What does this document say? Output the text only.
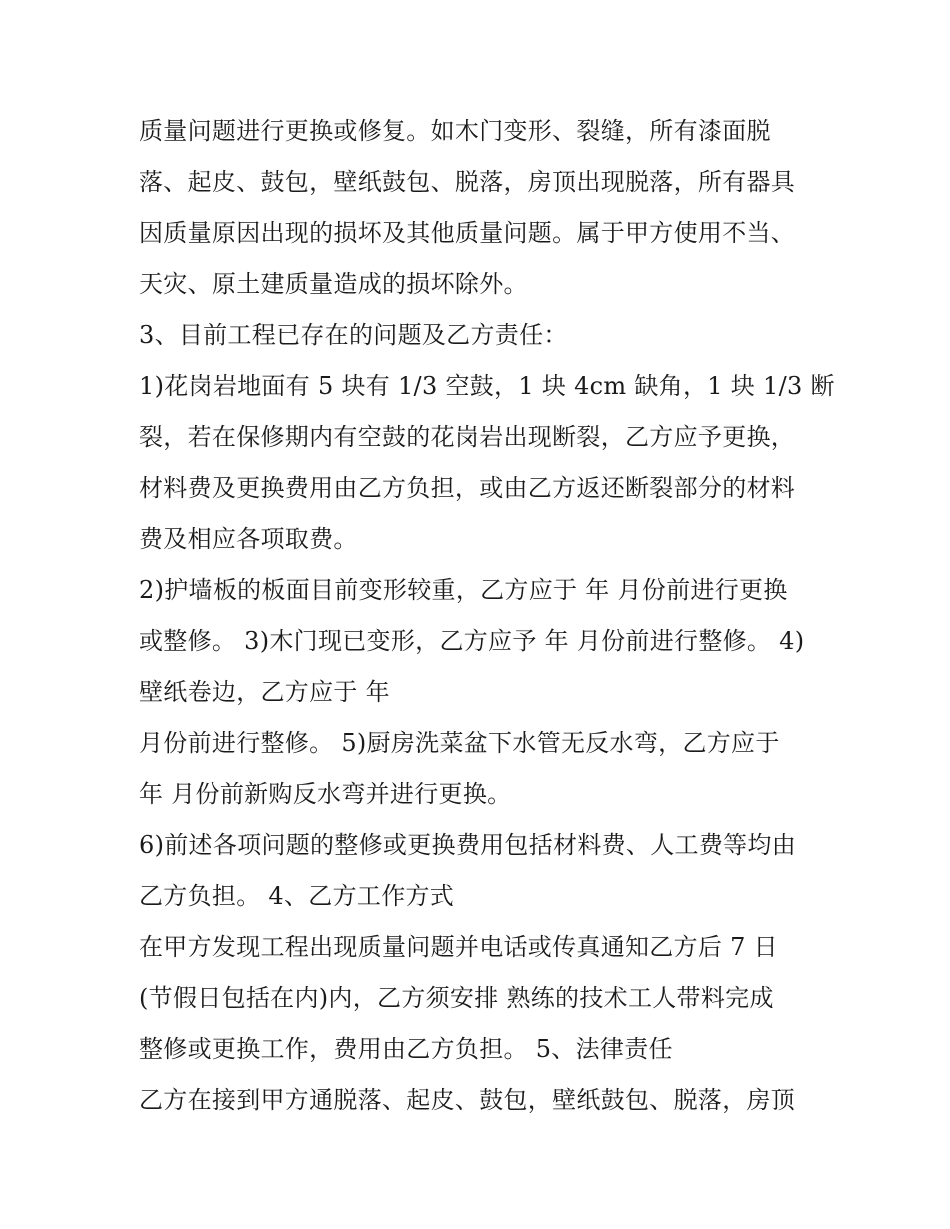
质量问题进行更换或修复。如木门变形、裂缝，所有漆面脱
落、起皮、鼓包，壁纸鼓包、脱落，房顶出现脱落，所有器具
因质量原因出现的损坏及其他质量问题。属于甲方使用不当、
天灾、原土建质量造成的损坏除外。
3、目前工程已存在的问题及乙方责任：
1)花岗岩地面有 5 块有 1/3 空鼓，1 块 4cm 缺角，1 块 1/3 断
裂，若在保修期内有空鼓的花岗岩出现断裂，乙方应予更换，
材料费及更换费用由乙方负担，或由乙方返还断裂部分的材料
费及相应各项取费。
2)护墙板的板面目前变形较重，乙方应于 年 月份前进行更换
或整修。 3)木门现已变形，乙方应予 年 月份前进行整修。 4)
壁纸卷边，乙方应于 年
月份前进行整修。 5)厨房洗菜盆下水管无反水弯，乙方应于
年 月份前新购反水弯并进行更换。
6)前述各项问题的整修或更换费用包括材料费、人工费等均由
乙方负担。 4、乙方工作方式
在甲方发现工程出现质量问题并电话或传真通知乙方后 7 日
(节假日包括在内)内，乙方须安排 熟练的技术工人带料完成
整修或更换工作，费用由乙方负担。 5、法律责任
乙方在接到甲方通脱落、起皮、鼓包，壁纸鼓包、脱落，房顶
